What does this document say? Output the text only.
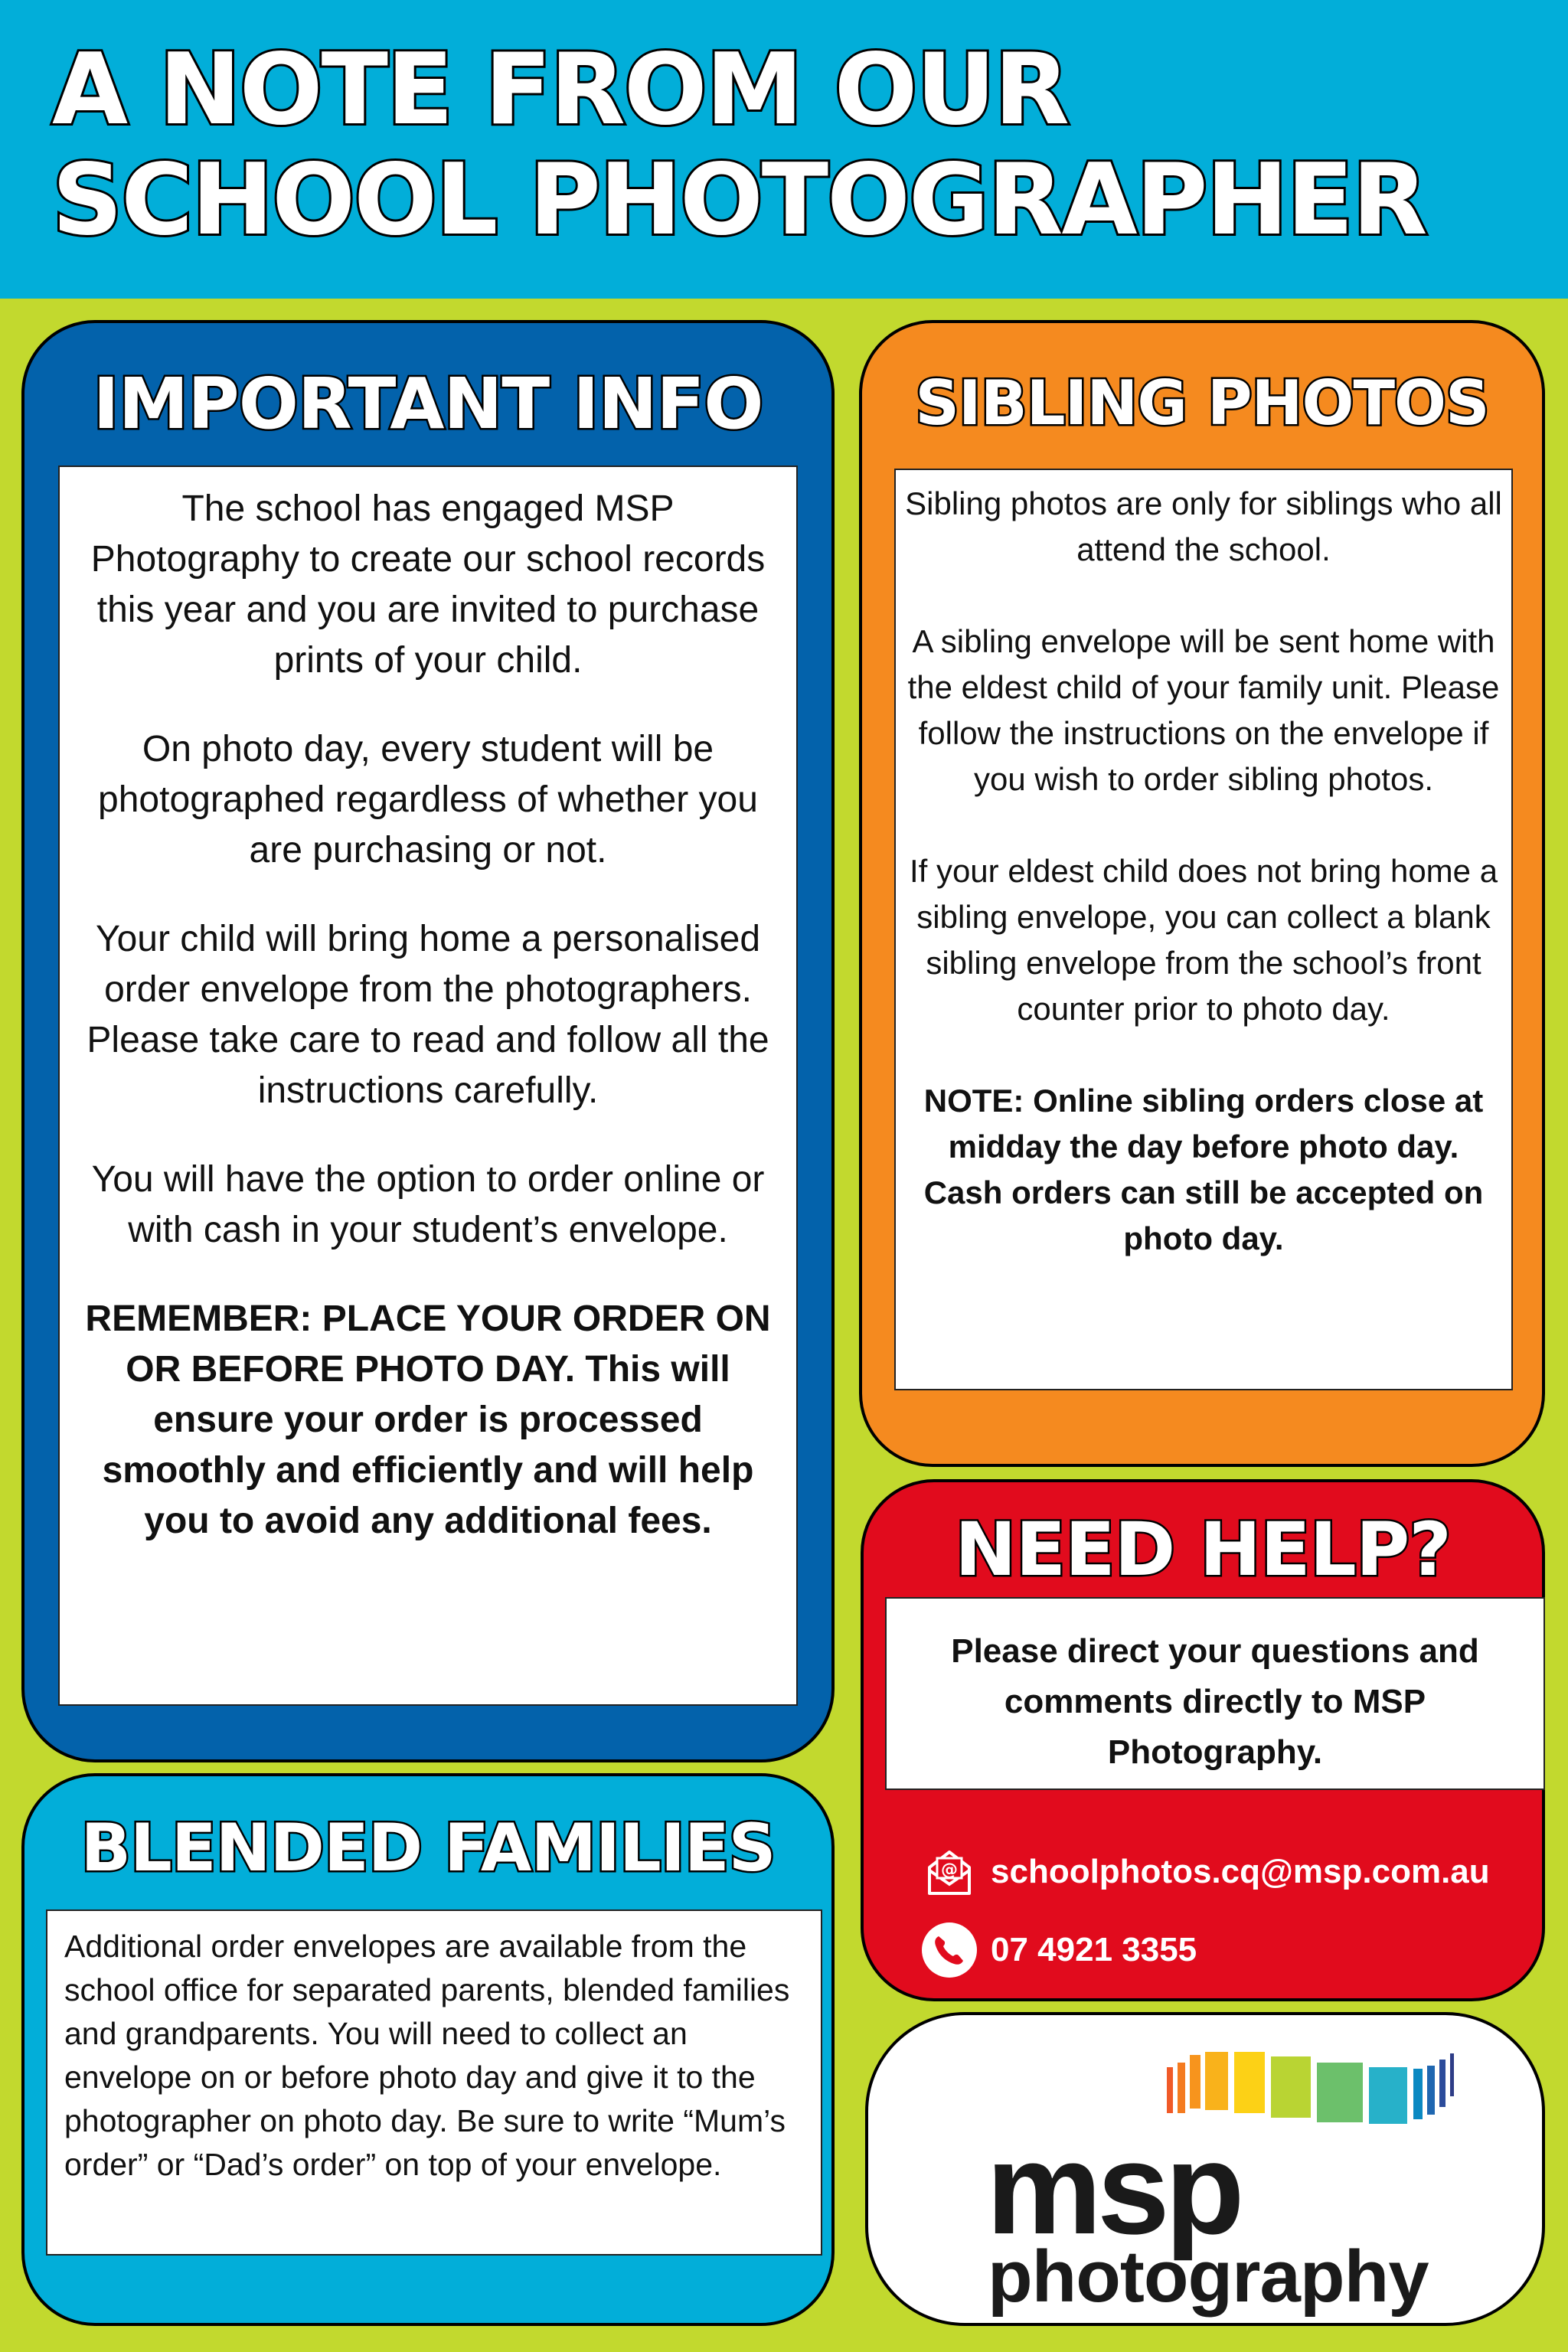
A NOTE FROM OUR
SCHOOL PHOTOGRAPHER
IMPORTANT INFO

The school has engaged MSP Photography to create our school records this year and you are invited to purchase prints of your child.

On photo day, every student will be photographed regardless of whether you are purchasing or not.

Your child will bring home a personalised order envelope from the photographers. Please take care to read and follow all the instructions carefully.

You will have the option to order online or with cash in your student’s envelope.

REMEMBER: PLACE YOUR ORDER ON OR BEFORE PHOTO DAY. This will ensure your order is processed smoothly and efficiently and will help you to avoid any additional fees.

SIBLING PHOTOS

Sibling photos are only for siblings who all attend the school.

A sibling envelope will be sent home with the eldest child of your family unit. Please follow the instructions on the envelope if you wish to order sibling photos.

If your eldest child does not bring home a sibling envelope, you can collect a blank sibling envelope from the school’s front counter prior to photo day.

NOTE: Online sibling orders close at midday the day before photo day. Cash orders can still be accepted on photo day.

BLENDED FAMILIES

Additional order envelopes are available from the school office for separated parents, blended families and grandparents. You will need to collect an envelope on or before photo day and give it to the photographer on photo day. Be sure to write “Mum’s order” or “Dad’s order” on top of your envelope.

NEED HELP?

Please direct your questions and comments directly to MSP Photography.

@ schoolphotos.cq@msp.com.au
07 4921 3355
msp
photography
